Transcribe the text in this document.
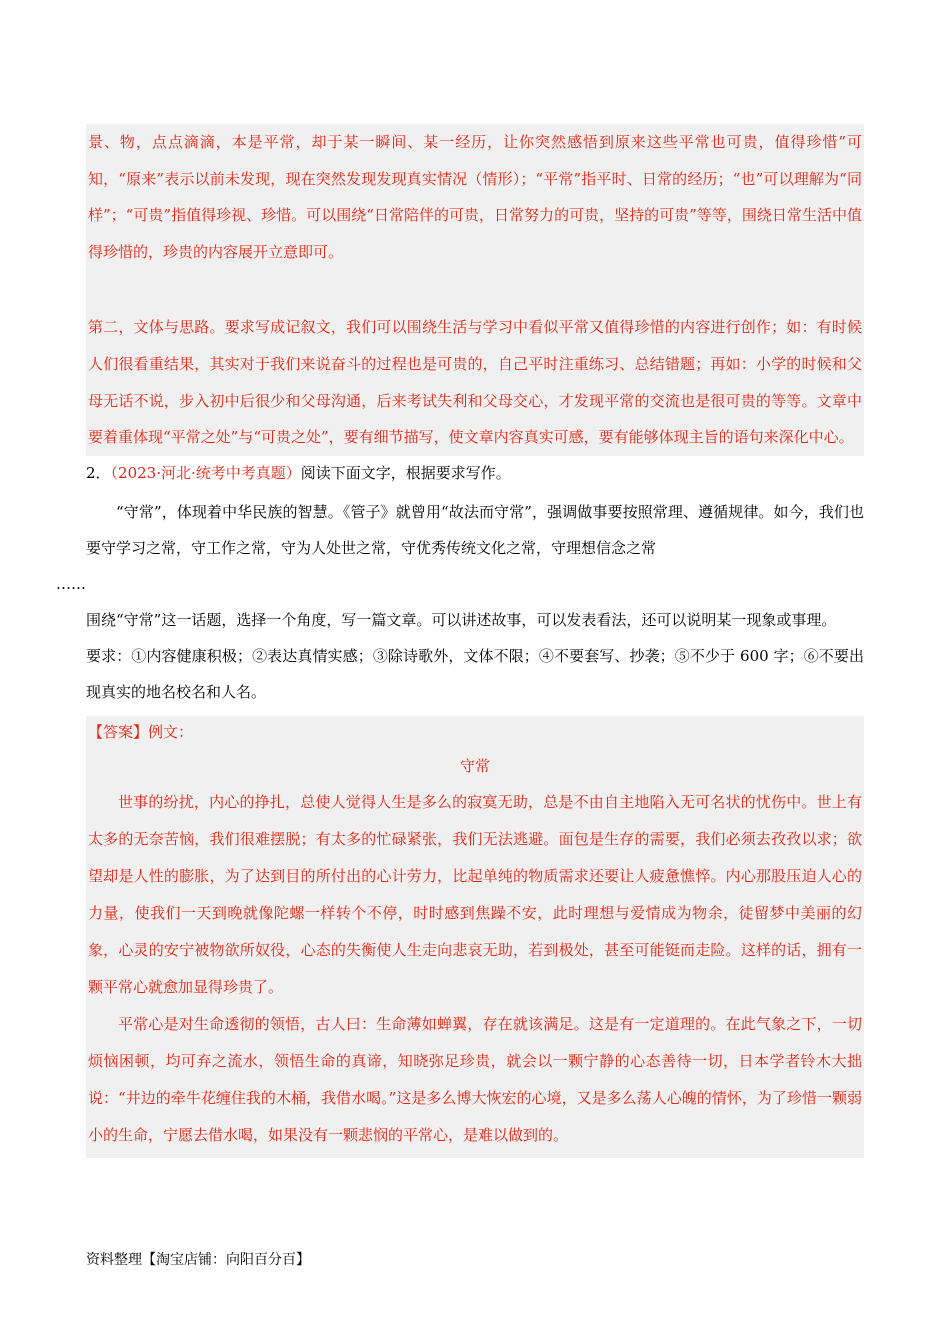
景、物，点点滴滴，本是平常，却于某一瞬间、某一经历，让你突然感悟到原来这些平常也可贵，值得珍惜”可知，“原来”表示以前未发现，现在突然发现发现真实情况（情形）；“平常”指平时、日常的经历；“也”可以理解为“同样”；“可贵”指值得珍视、珍惜。可以围绕“日常陪伴的可贵，日常努力的可贵，坚持的可贵”等等，围绕日常生活中值得珍惜的，珍贵的内容展开立意即可。

第二，文体与思路。要求写成记叙文，我们可以围绕生活与学习中看似平常又值得珍惜的内容进行创作；如：有时候人们很看重结果，其实对于我们来说奋斗的过程也是可贵的，自己平时注重练习、总结错题；再如：小学的时候和父母无话不说，步入初中后很少和父母沟通，后来考试失利和父母交心，才发现平常的交流也是很可贵的等等。文章中要着重体现“平常之处”与“可贵之处”，要有细节描写，使文章内容真实可感，要有能够体现主旨的语句来深化中心。

2．（2023·河北·统考中考真题）阅读下面文字，根据要求写作。

“守常”，体现着中华民族的智慧。《管子》就曾用“故法而守常”，强调做事要按照常理、遵循规律。如今，我们也要守学习之常，守工作之常，守为人处世之常，守优秀传统文化之常，守理想信念之常
……

围绕“守常”这一话题，选择一个角度，写一篇文章。可以讲述故事，可以发表看法，还可以说明某一现象或事理。

要求：①内容健康积极；②表达真情实感；③除诗歌外，文体不限；④不要套写、抄袭；⑤不少于 600 字；⑥不要出现真实的地名校名和人名。

【答案】例文：

守常

世事的纷扰，内心的挣扎，总使人觉得人生是多么的寂寞无助，总是不由自主地陷入无可名状的忧伤中。世上有太多的无奈苦恼，我们很难摆脱；有太多的忙碌紧张，我们无法逃避。面包是生存的需要，我们必须去孜孜以求；欲望却是人性的膨胀，为了达到目的所付出的心计劳力，比起单纯的物质需求还要让人疲惫憔悴。内心那股压迫人心的力量，使我们一天到晚就像陀螺一样转个不停，时时感到焦躁不安，此时理想与爱情成为物余，徒留梦中美丽的幻象，心灵的安宁被物欲所奴役，心态的失衡使人生走向悲哀无助，若到极处，甚至可能铤而走险。这样的话，拥有一颗平常心就愈加显得珍贵了。

平常心是对生命透彻的领悟，古人曰：生命薄如蝉翼，存在就该满足。这是有一定道理的。在此气象之下，一切烦恼困顿，均可弃之流水，领悟生命的真谛，知晓弥足珍贵，就会以一颗宁静的心态善待一切，日本学者铃木大拙说：“井边的牵牛花缠住我的木桶，我借水喝。”这是多么博大恢宏的心境，又是多么荡人心魄的情怀，为了珍惜一颗弱小的生命，宁愿去借水喝，如果没有一颗悲悯的平常心，是难以做到的。

资料整理【淘宝店铺：向阳百分百】
